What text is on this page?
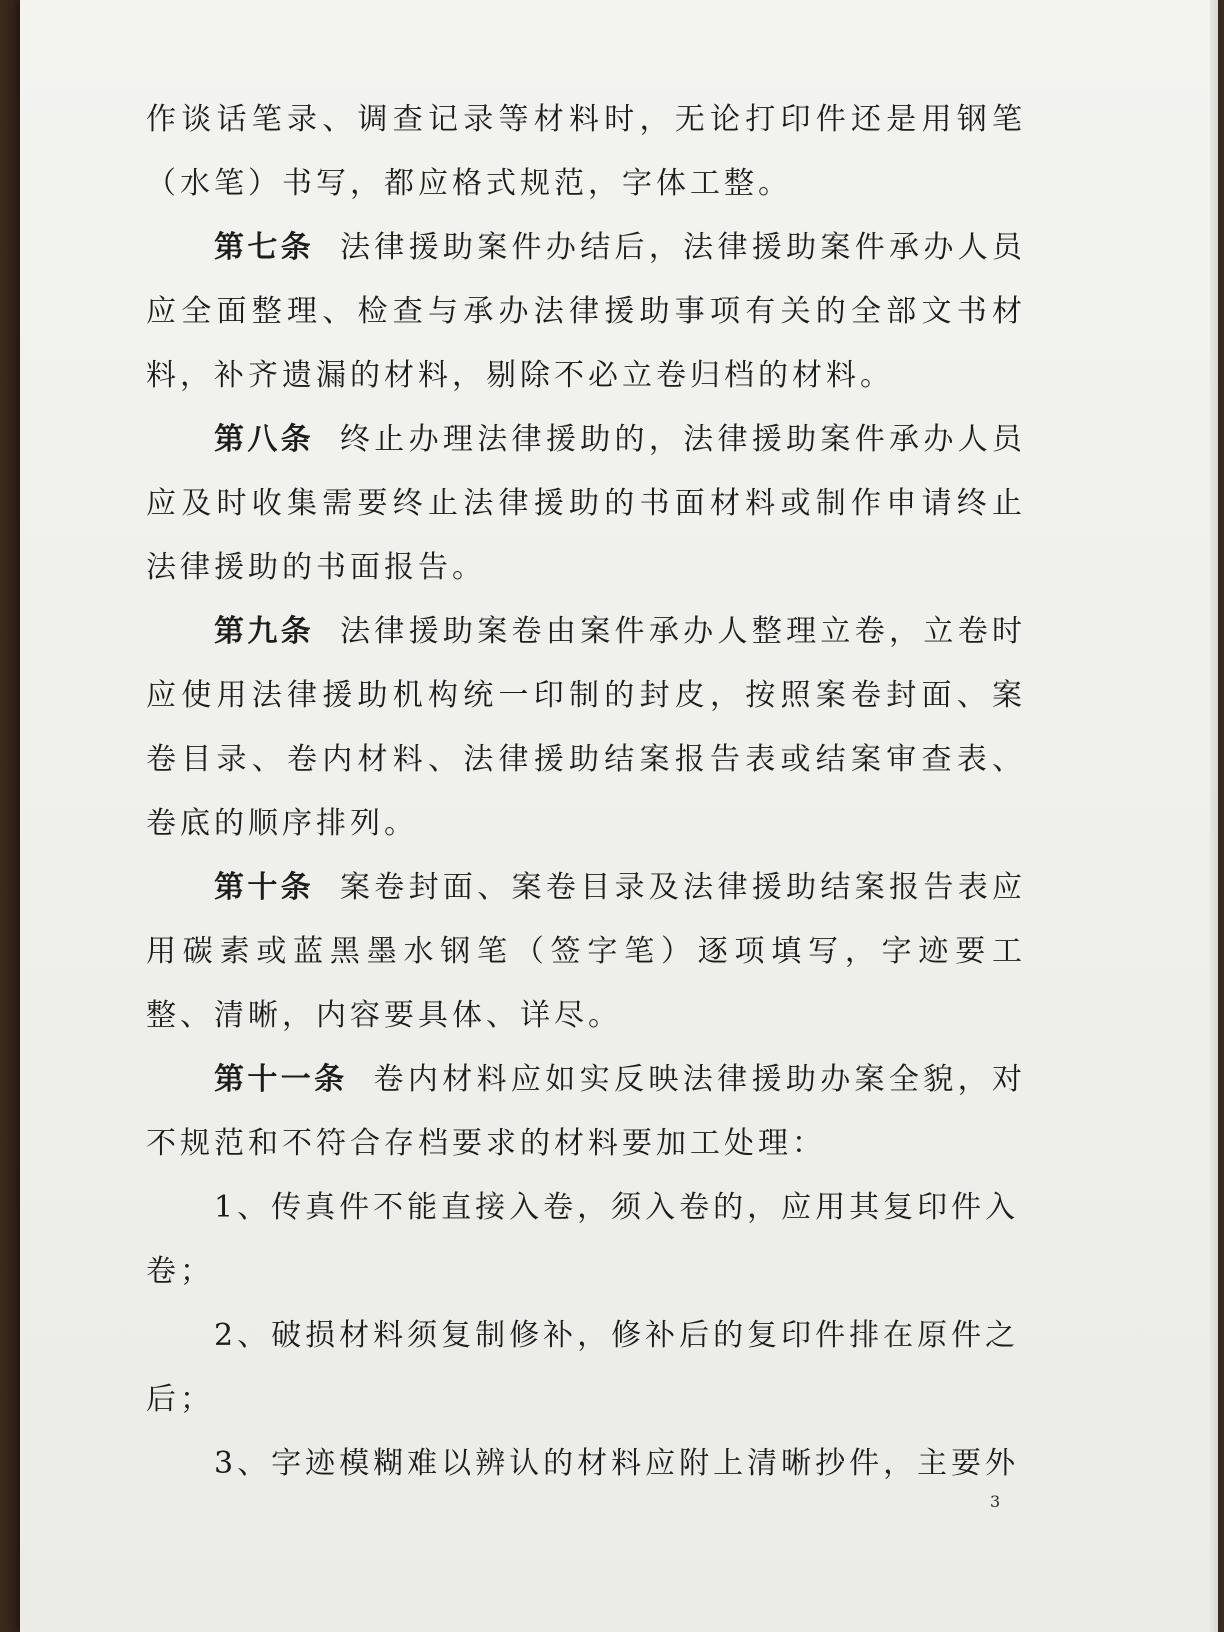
作谈话笔录、调查记录等材料时，无论打印件还是用钢笔（水笔）书写，都应格式规范，字体工整。

第七条 法律援助案件办结后，法律援助案件承办人员应全面整理、检查与承办法律援助事项有关的全部文书材料，补齐遗漏的材料，剔除不必立卷归档的材料。

第八条 终止办理法律援助的，法律援助案件承办人员应及时收集需要终止法律援助的书面材料或制作申请终止法律援助的书面报告。

第九条 法律援助案卷由案件承办人整理立卷，立卷时应使用法律援助机构统一印制的封皮，按照案卷封面、案卷目录、卷内材料、法律援助结案报告表或结案审查表、卷底的顺序排列。

第十条 案卷封面、案卷目录及法律援助结案报告表应用碳素或蓝黑墨水钢笔（签字笔）逐项填写，字迹要工整、清晰，内容要具体、详尽。

第十一条 卷内材料应如实反映法律援助办案全貌，对不规范和不符合存档要求的材料要加工处理：

1、传真件不能直接入卷，须入卷的，应用其复印件入卷；

2、破损材料须复制修补，修补后的复印件排在原件之后；

3、字迹模糊难以辨认的材料应附上清晰抄件，主要外

3
